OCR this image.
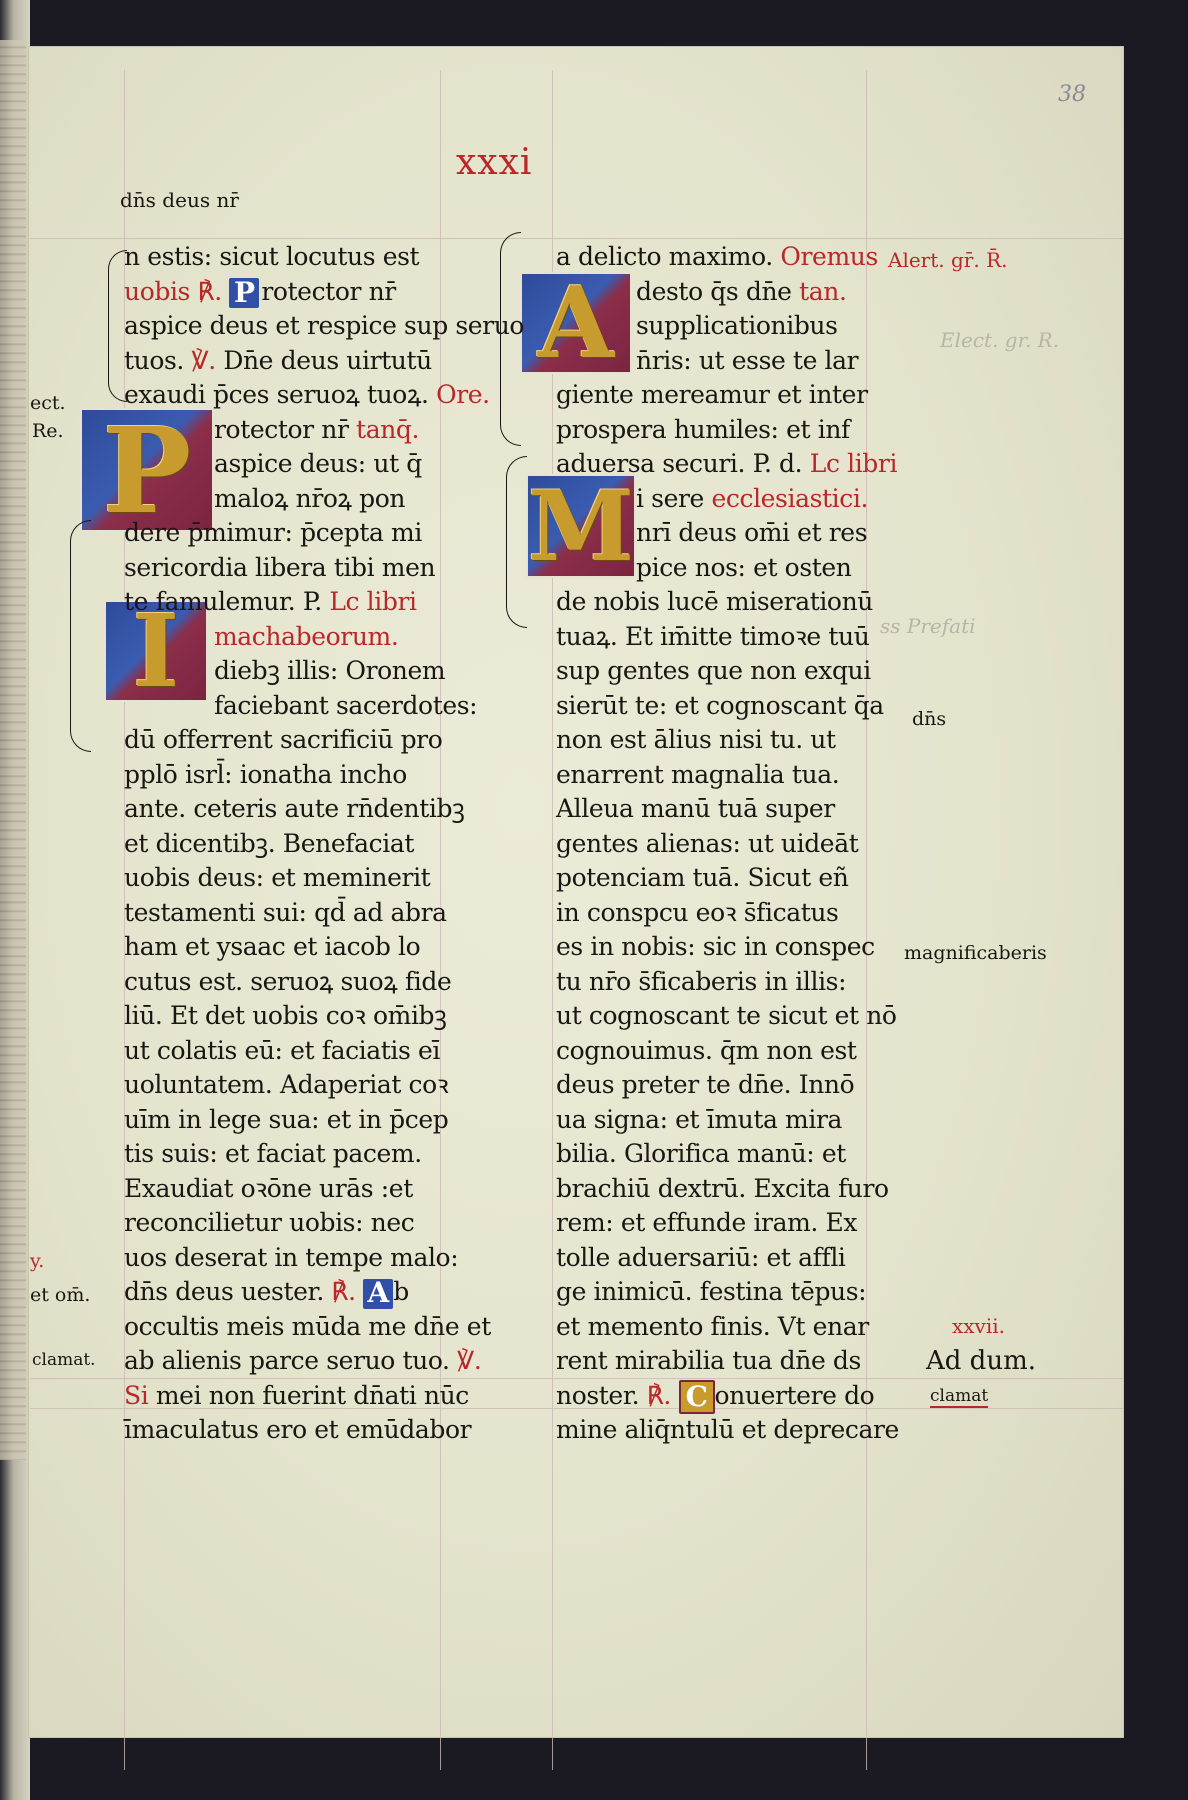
38
xxxi
dn̄s deus nr̄
P
I
A
M
n estis: sicut locutus est
uobis ℟. P rotector nr̄
aspice deus et respice sup seruo
tuos. ℣. Dn̄e deus uirtutū
exaudi p̄ces seruoꝝ tuoꝝ. Ore.
rotector nr̄ tanq̄.
aspice deus: ut q̄
maloꝝ nr̄oꝝ pon
dere p̄mimur: p̄cepta mi
sericordia libera tibi men
te famulemur. P. Lc libri
machabeorum.
diebꝫ illis: Oronem
faciebant sacerdotes:
dū offerrent sacrificiū pro
pplō isrl̄: ionatha incho
ante. ceteris aute rn̄dentibꝫ
et dicentibꝫ. Benefaciat
uobis deus: et meminerit
testamenti sui: qd̄ ad abra
ham et ysaac et iacob lo
cutus est. seruoꝝ suoꝝ fide
liū. Et det uobis coꝛ om̄ibꝫ
ut colatis eū: et faciatis eī
uoluntatem. Adaperiat coꝛ
uīm in lege sua: et in p̄cep
tis suis: et faciat pacem.
Exaudiat oꝛōne urās :et
reconcilietur uobis: nec
uos deserat in tempe malo:
dn̄s deus uester. ℟. A b
occultis meis mūda me dn̄e et
ab alienis parce seruo tuo. ℣.
Si mei non fuerint dn̄ati nūc
īmaculatus ero et emūdabor
a delicto maximo. Oremus
desto q̄s dn̄e tan.
supplicationibus
n̄ris: ut esse te lar
giente mereamur et inter
prospera humiles: et inf
aduersa securi. P. d. Lc libri
i sere ecclesiastici.
nrī deus om̄i et res
pice nos: et osten
de nobis lucē miserationū
tuaꝝ. Et im̄itte timoꝛe tuū
sup gentes que non exqui
sierūt te: et cognoscant q̄a
non est ālius nisi tu. ut
enarrent magnalia tua.
Alleua manū tuā super
gentes alienas: ut uideāt
potenciam tuā. Sicut eñ
in conspcu eoꝛ s̄ficatus
es in nobis: sic in conspec
tu nr̄o s̄ficaberis in illis:
ut cognoscant te sicut et nō
cognouimus. q̄m non est
deus preter te dn̄e. Innō
ua signa: et īmuta mira
bilia. Glorifica manū: et
brachiū dextrū. Excita furo
rem: et effunde iram. Ex
tolle aduersariū: et affli
ge inimicū. festina tēpus:
et memento finis. Vt enar
rent mirabilia tua dn̄e ds
noster. ℟. C onuertere do
mine aliq̄ntulū et deprecare
Alert. gr̄. R̄.
Elect. gr. R.
ss Prefati
dn̄s
magnificaberis
xxvii.
Ad dum.
clamat
ect.
Re.
y.
et om̄.
clamat.
